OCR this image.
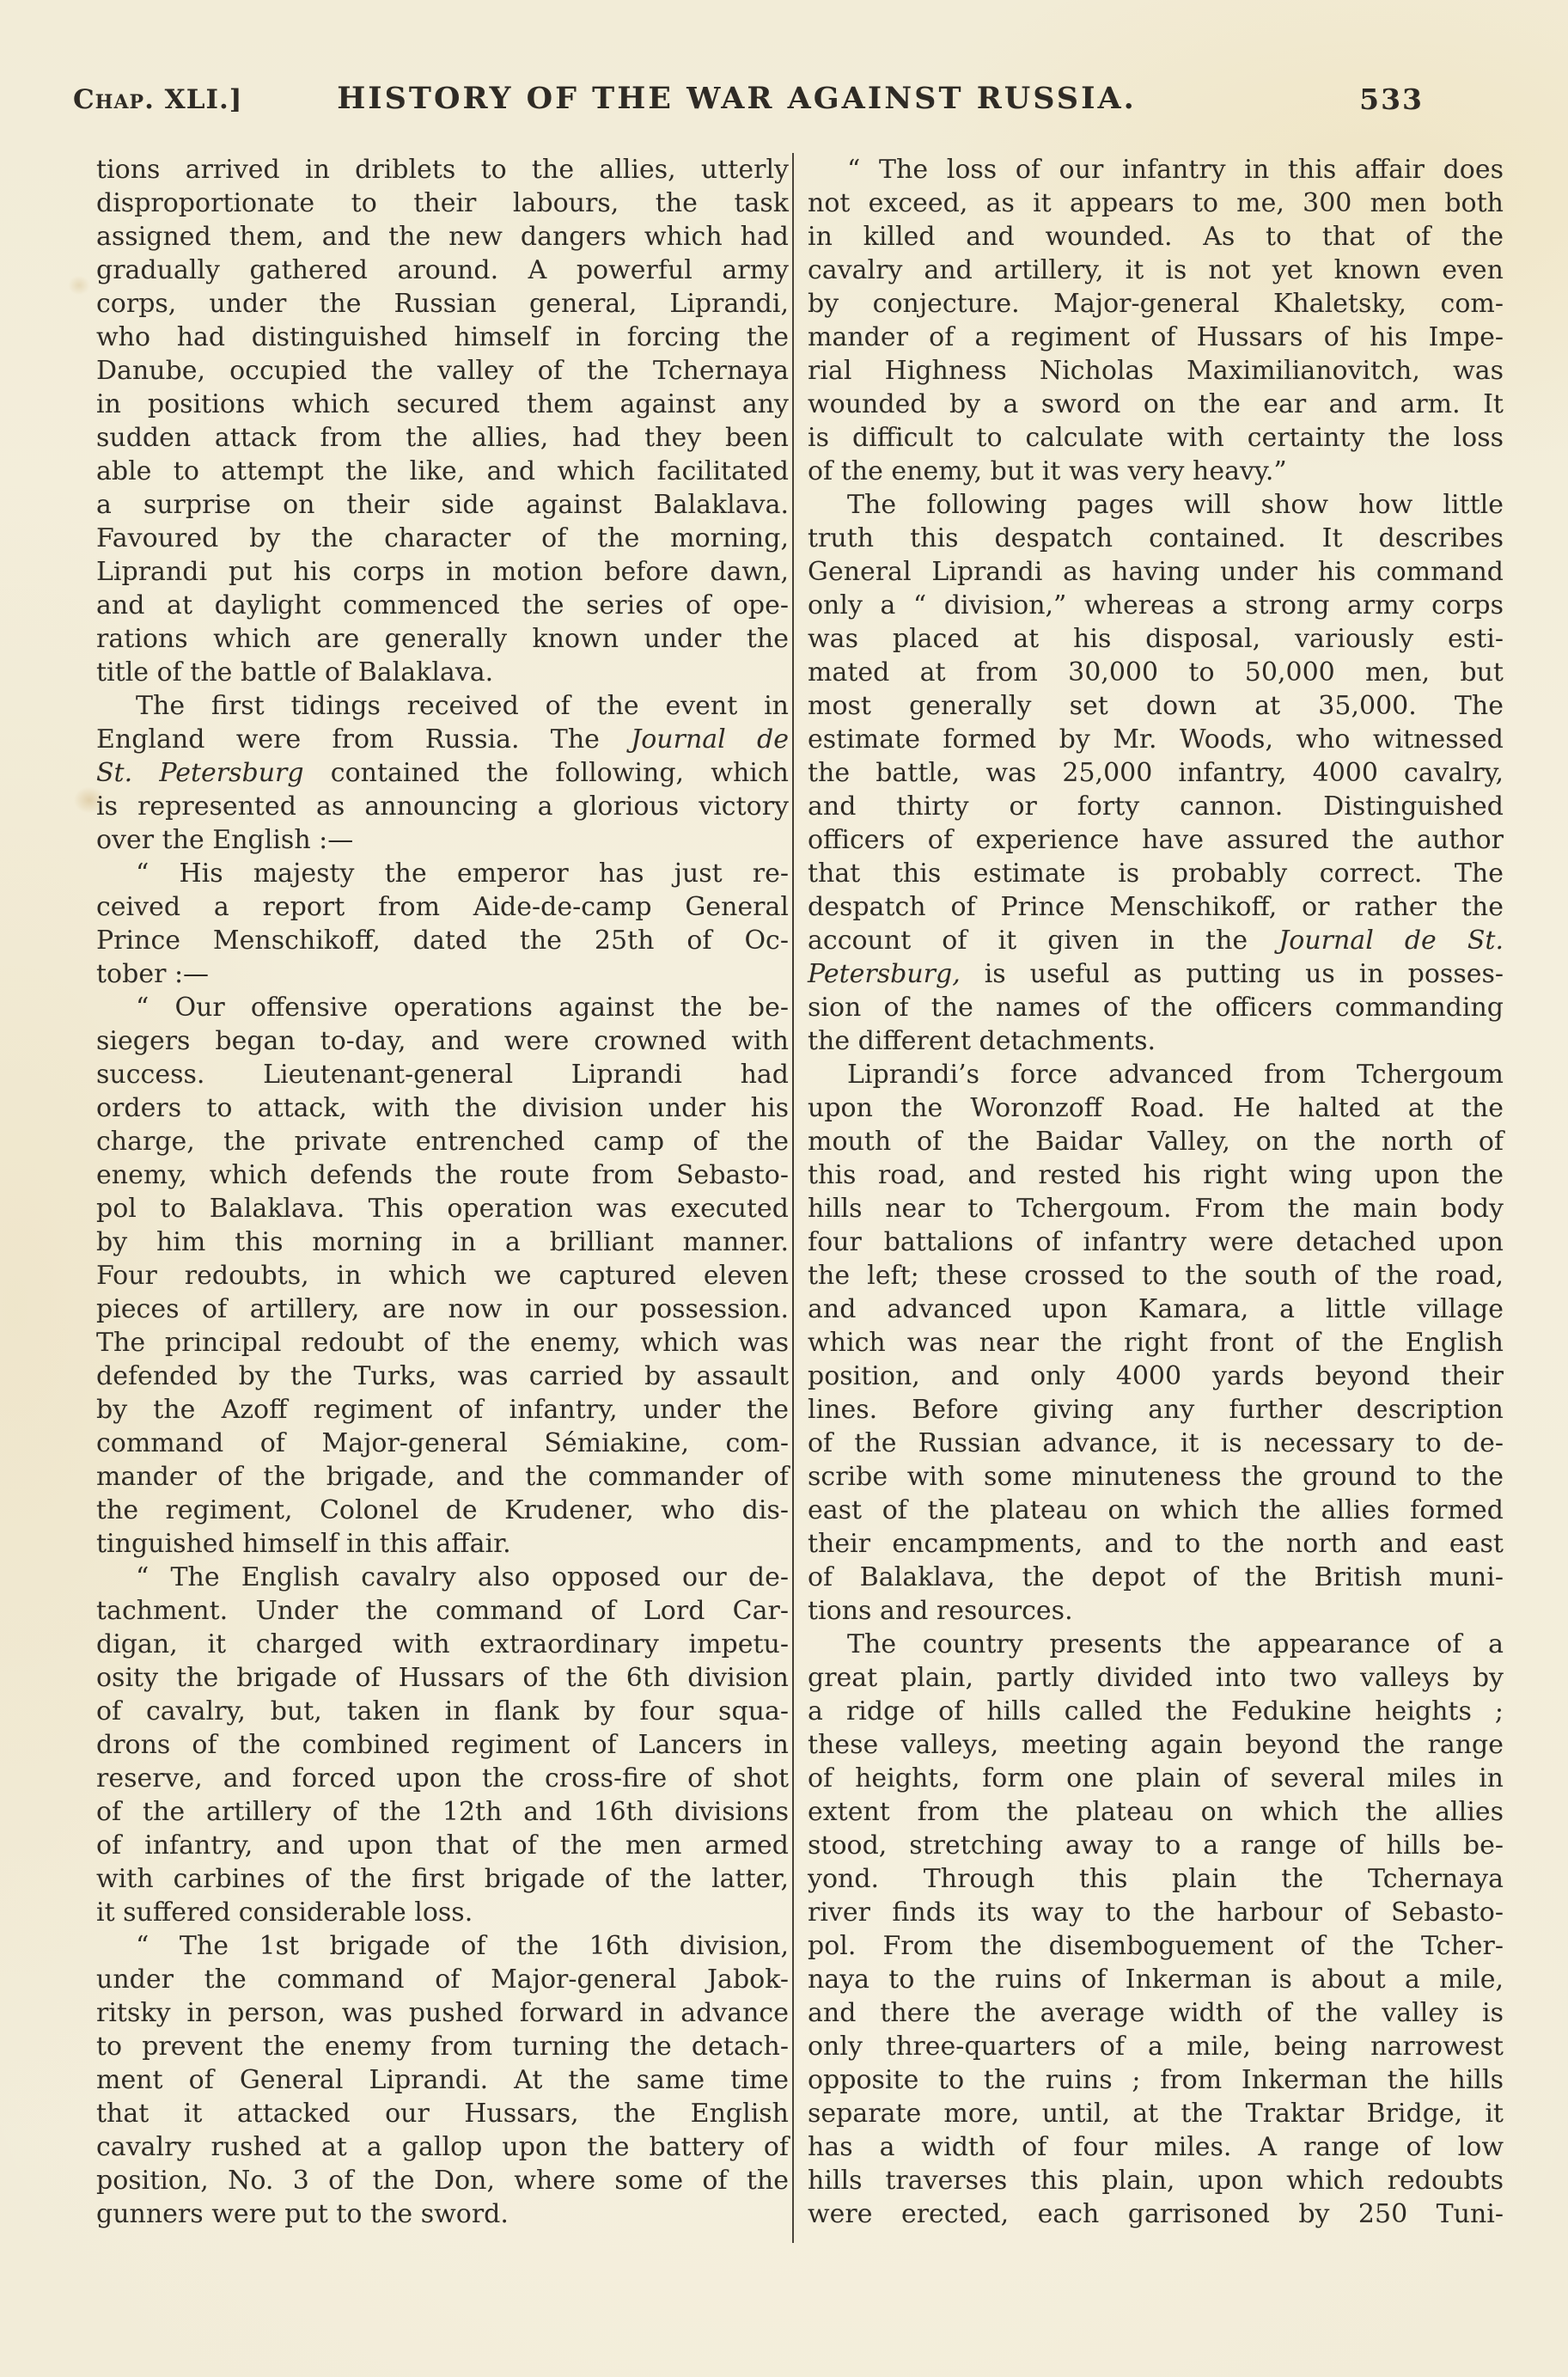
Chap. XLI.]	HISTORY OF THE WAR AGAINST RUSSIA.	533
tions arrived in driblets to the allies, utterly
disproportionate to their labours, the task
assigned them, and the new dangers which had
gradually gathered around. A powerful army
corps, under the Russian general, Liprandi,
who had distinguished himself in forcing the
Danube, occupied the valley of the Tchernaya
in positions which secured them against any
sudden attack from the allies, had they been
able to attempt the like, and which facilitated
a surprise on their side against Balaklava.
Favoured by the character of the morning,
Liprandi put his corps in motion before dawn,
and at daylight commenced the series of ope-
rations which are generally known under the
title of the battle of Balaklava.
The first tidings received of the event in
England were from Russia. The Journal de
St. Petersburg contained the following, which
is represented as announcing a glorious victory
over the English :—
“ His majesty the emperor has just re-
ceived a report from Aide-de-camp General
Prince Menschikoff, dated the 25th of Oc-
tober :—
“ Our offensive operations against the be-
siegers began to-day, and were crowned with
success. Lieutenant-general Liprandi had
orders to attack, with the division under his
charge, the private entrenched camp of the
enemy, which defends the route from Sebasto-
pol to Balaklava. This operation was executed
by him this morning in a brilliant manner.
Four redoubts, in which we captured eleven
pieces of artillery, are now in our possession.
The principal redoubt of the enemy, which was
defended by the Turks, was carried by assault
by the Azoff regiment of infantry, under the
command of Major-general Sémiakine, com-
mander of the brigade, and the commander of
the regiment, Colonel de Krudener, who dis-
tinguished himself in this affair.
“ The English cavalry also opposed our de-
tachment. Under the command of Lord Car-
digan, it charged with extraordinary impetu-
osity the brigade of Hussars of the 6th division
of cavalry, but, taken in flank by four squa-
drons of the combined regiment of Lancers in
reserve, and forced upon the cross-fire of shot
of the artillery of the 12th and 16th divisions
of infantry, and upon that of the men armed
with carbines of the first brigade of the latter,
it suffered considerable loss.
“ The 1st brigade of the 16th division,
under the command of Major-general Jabok-
ritsky in person, was pushed forward in advance
to prevent the enemy from turning the detach-
ment of General Liprandi. At the same time
that it attacked our Hussars, the English
cavalry rushed at a gallop upon the battery of
position, No. 3 of the Don, where some of the
gunners were put to the sword.
“ The loss of our infantry in this affair does
not exceed, as it appears to me, 300 men both
in killed and wounded. As to that of the
cavalry and artillery, it is not yet known even
by conjecture. Major-general Khaletsky, com-
mander of a regiment of Hussars of his Impe-
rial Highness Nicholas Maximilianovitch, was
wounded by a sword on the ear and arm. It
is difficult to calculate with certainty the loss
of the enemy, but it was very heavy.”
The following pages will show how little
truth this despatch contained. It describes
General Liprandi as having under his command
only a “ division,” whereas a strong army corps
was placed at his disposal, variously esti-
mated at from 30,000 to 50,000 men, but
most generally set down at 35,000. The
estimate formed by Mr. Woods, who witnessed
the battle, was 25,000 infantry, 4000 cavalry,
and thirty or forty cannon. Distinguished
officers of experience have assured the author
that this estimate is probably correct. The
despatch of Prince Menschikoff, or rather the
account of it given in the Journal de St.
Petersburg, is useful as putting us in posses-
sion of the names of the officers commanding
the different detachments.
Liprandi’s force advanced from Tchergoum
upon the Woronzoff Road. He halted at the
mouth of the Baidar Valley, on the north of
this road, and rested his right wing upon the
hills near to Tchergoum. From the main body
four battalions of infantry were detached upon
the left; these crossed to the south of the road,
and advanced upon Kamara, a little village
which was near the right front of the English
position, and only 4000 yards beyond their
lines. Before giving any further description
of the Russian advance, it is necessary to de-
scribe with some minuteness the ground to the
east of the plateau on which the allies formed
their encampments, and to the north and east
of Balaklava, the depot of the British muni-
tions and resources.
The country presents the appearance of a
great plain, partly divided into two valleys by
a ridge of hills called the Fedukine heights ;
these valleys, meeting again beyond the range
of heights, form one plain of several miles in
extent from the plateau on which the allies
stood, stretching away to a range of hills be-
yond. Through this plain the Tchernaya
river finds its way to the harbour of Sebasto-
pol. From the disemboguement of the Tcher-
naya to the ruins of Inkerman is about a mile,
and there the average width of the valley is
only three-quarters of a mile, being narrowest
opposite to the ruins ; from Inkerman the hills
separate more, until, at the Traktar Bridge, it
has a width of four miles. A range of low
hills traverses this plain, upon which redoubts
were erected, each garrisoned by 250 Tuni-
